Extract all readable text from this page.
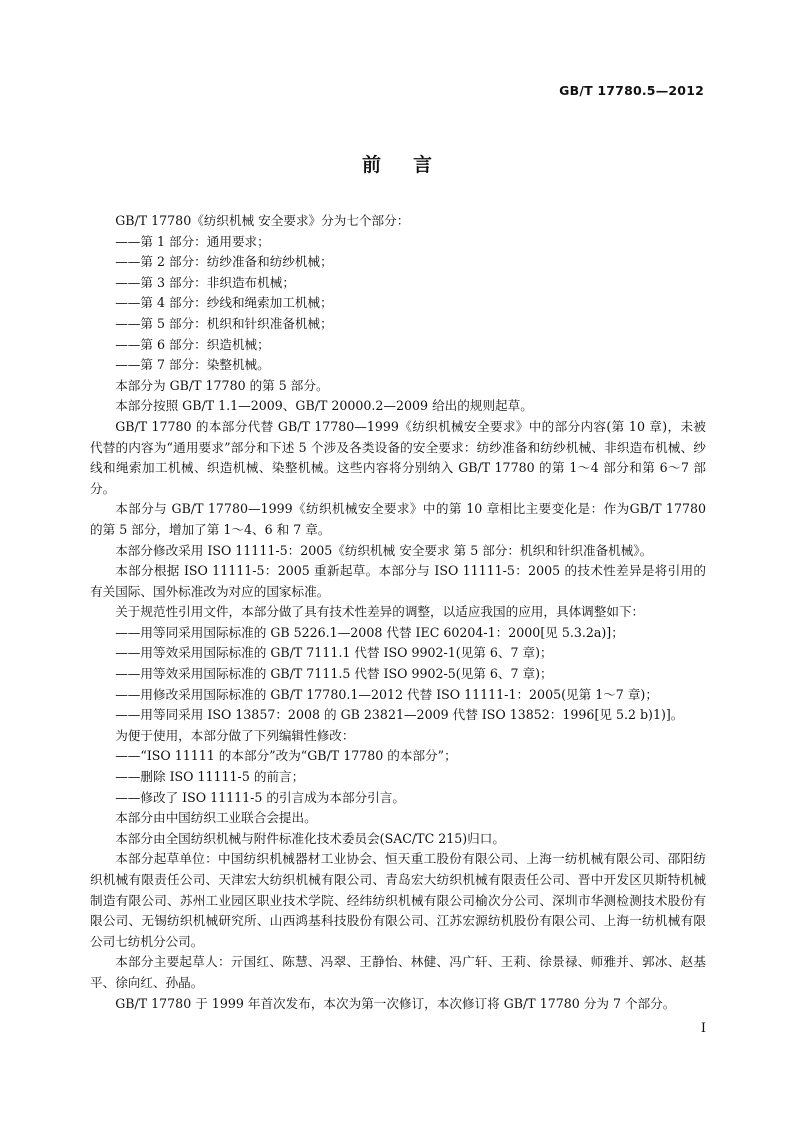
GB/T 17780.5—2012
前言

GB/T 17780《纺织机械 安全要求》分为七个部分：

——第 1 部分：通用要求；

——第 2 部分：纺纱准备和纺纱机械；

——第 3 部分：非织造布机械；

——第 4 部分：纱线和绳索加工机械；

——第 5 部分：机织和针织准备机械；

——第 6 部分：织造机械；

——第 7 部分：染整机械。

本部分为 GB/T 17780 的第 5 部分。

本部分按照 GB/T 1.1—2009、GB/T 20000.2—2009 给出的规则起草。

GB/T 17780 的本部分代替 GB/T 17780—1999《纺织机械安全要求》中的部分内容(第 10 章)，未被代替的内容为“通用要求”部分和下述 5 个涉及各类设备的安全要求：纺纱准备和纺纱机械、非织造布机械、纱线和绳索加工机械、织造机械、染整机械。这些内容将分别纳入 GB/T 17780 的第 1～4 部分和第 6～7 部分。

本部分与 GB/T 17780—1999《纺织机械安全要求》中的第 10 章相比主要变化是：作为GB/T 17780 的第 5 部分，增加了第 1～4、6 和 7 章。

本部分修改采用 ISO 11111-5：2005《纺织机械 安全要求 第 5 部分：机织和针织准备机械》。

本部分根据 ISO 11111-5：2005 重新起草。本部分与 ISO 11111-5：2005 的技术性差异是将引用的有关国际、国外标准改为对应的国家标准。

关于规范性引用文件，本部分做了具有技术性差异的调整，以适应我国的应用，具体调整如下：

——用等同采用国际标准的 GB 5226.1—2008 代替 IEC 60204-1：2000[见 5.3.2a)]；

——用等效采用国际标准的 GB/T 7111.1 代替 ISO 9902-1(见第 6、7 章)；

——用等效采用国际标准的 GB/T 7111.5 代替 ISO 9902-5(见第 6、7 章)；

——用修改采用国际标准的 GB/T 17780.1—2012 代替 ISO 11111-1：2005(见第 1～7 章)；

——用等同采用 ISO 13857：2008 的 GB 23821—2009 代替 ISO 13852：1996[见 5.2 b)1)]。

为便于使用，本部分做了下列编辑性修改：

——“ISO 11111 的本部分”改为“GB/T 17780 的本部分”；

——删除 ISO 11111-5 的前言；

——修改了 ISO 11111-5 的引言成为本部分引言。

本部分由中国纺织工业联合会提出。

本部分由全国纺织机械与附件标准化技术委员会(SAC/TC 215)归口。

本部分起草单位：中国纺织机械器材工业协会、恒天重工股份有限公司、上海一纺机械有限公司、邵阳纺织机械有限责任公司、天津宏大纺织机械有限公司、青岛宏大纺织机械有限责任公司、晋中开发区贝斯特机械制造有限公司、苏州工业园区职业技术学院、经纬纺织机械有限公司榆次分公司、深圳市华测检测技术股份有限公司、无锡纺织机械研究所、山西鸿基科技股份有限公司、江苏宏源纺机股份有限公司、上海一纺机械有限公司七纺机分公司。

本部分主要起草人：亓国红、陈慧、冯翠、王静怡、林健、冯广轩、王莉、徐景禄、师雅并、郭冰、赵基平、徐向红、孙晶。

GB/T 17780 于 1999 年首次发布，本次为第一次修订，本次修订将 GB/T 17780 分为 7 个部分。

I
